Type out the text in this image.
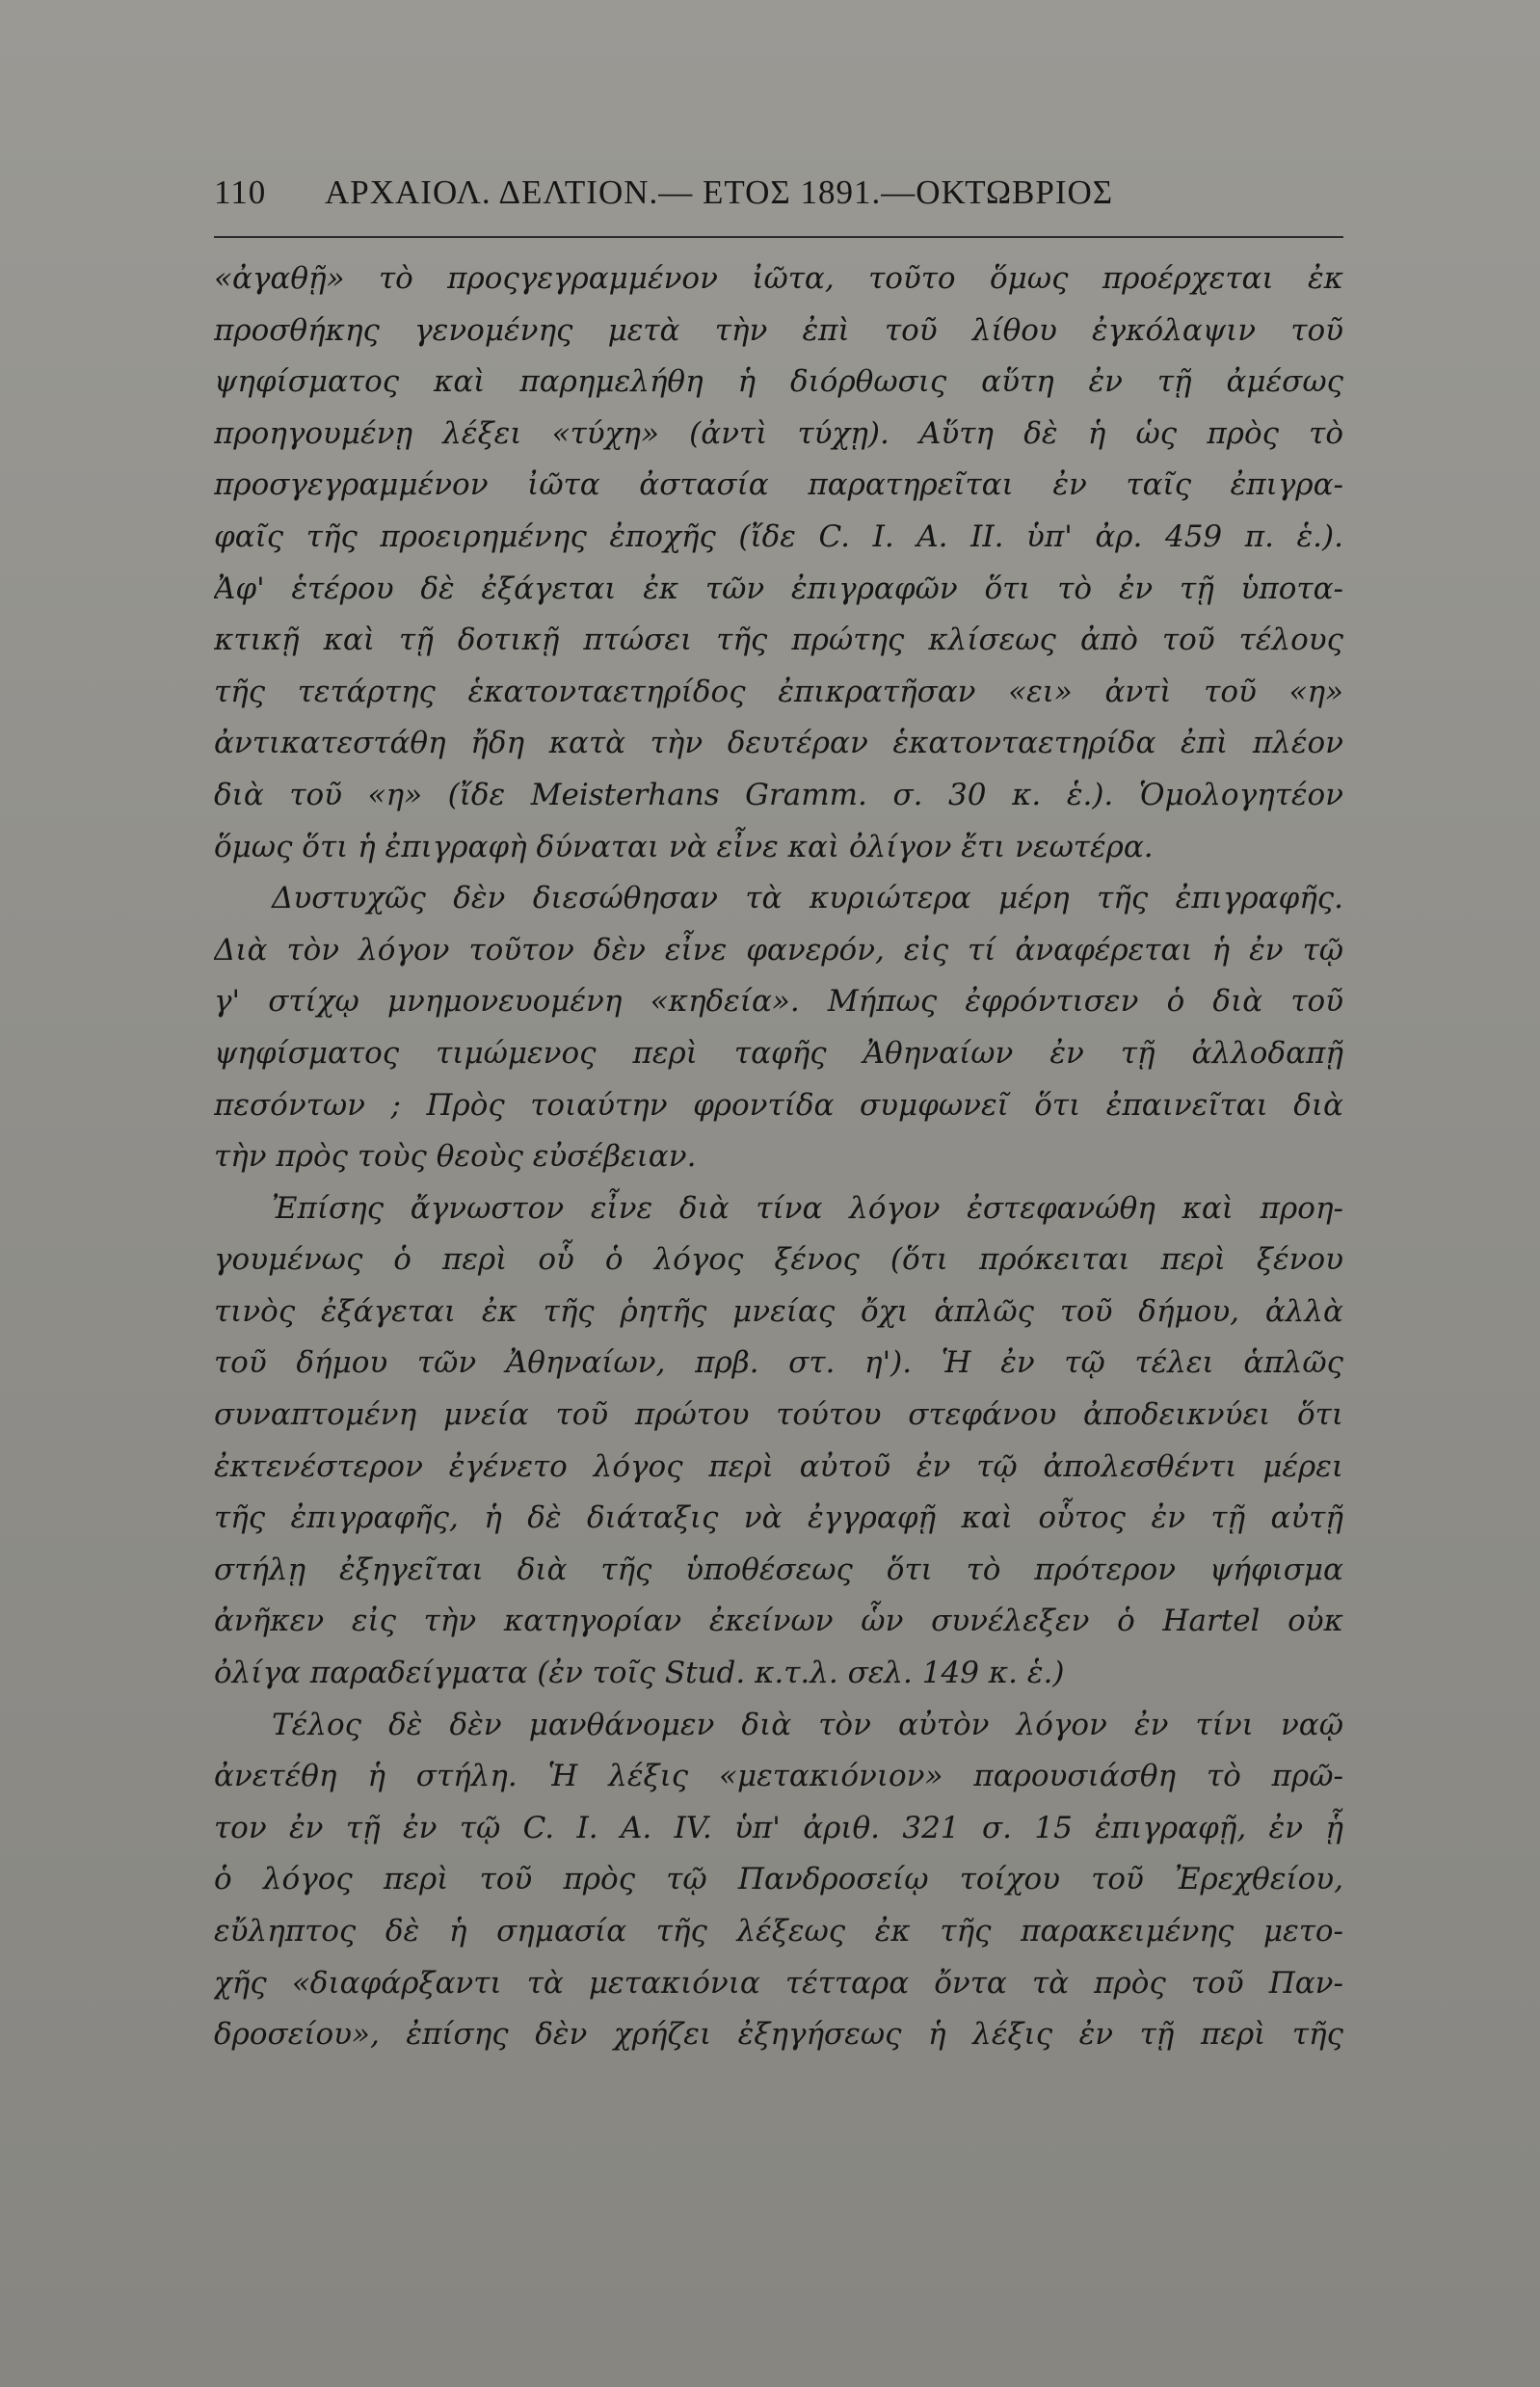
110 ΑΡΧΑΙΟΛ. ΔΕΛΤΙΟΝ.— ΕΤΟΣ 1891.—ΟΚΤΩΒΡΙΟΣ
«ἀγαθῇ» τὸ προςγεγραμμένον ἰῶτα, τοῦτο ὅμως προέρχεται ἐκ
προσθήκης γενομένης μετὰ τὴν ἐπὶ τοῦ λίθου ἐγκόλαψιν τοῦ
ψηφίσματος καὶ παρημελήθη ἡ διόρθωσις αὕτη ἐν τῇ ἀμέσως
προηγουμένῃ λέξει «τύχη» (ἀντὶ τύχῃ). Αὕτη δὲ ἡ ὡς πρὸς τὸ
προσγεγραμμένον ἰῶτα ἀστασία παρατηρεῖται ἐν ταῖς ἐπιγρα-
φαῖς τῆς προειρημένης ἐποχῆς (ἴδε C. I. A. II. ὑπ' ἀρ. 459 π. ἑ.).
Ἀφ' ἑτέρου δὲ ἐξάγεται ἐκ τῶν ἐπιγραφῶν ὅτι τὸ ἐν τῇ ὑποτα-
κτικῇ καὶ τῇ δοτικῇ πτώσει τῆς πρώτης κλίσεως ἀπὸ τοῦ τέλους
τῆς τετάρτης ἑκατονταετηρίδος ἐπικρατῆσαν «ει» ἀντὶ τοῦ «η»
ἀντικατεστάθη ἤδη κατὰ τὴν δευτέραν ἑκατονταετηρίδα ἐπὶ πλέον
διὰ τοῦ «η» (ἴδε Meisterhans Gramm. σ. 30 κ. ἑ.). Ὁμολογητέον
ὅμως ὅτι ἡ ἐπιγραφὴ δύναται νὰ εἶνε καὶ ὀλίγον ἔτι νεωτέρα.
Δυστυχῶς δὲν διεσώθησαν τὰ κυριώτερα μέρη τῆς ἐπιγραφῆς.
Διὰ τὸν λόγον τοῦτον δὲν εἶνε φανερόν, εἰς τί ἀναφέρεται ἡ ἐν τῷ
γ' στίχῳ μνημονευομένη «κηδεία». Μήπως ἐφρόντισεν ὁ διὰ τοῦ
ψηφίσματος τιμώμενος περὶ ταφῆς Ἀθηναίων ἐν τῇ ἀλλοδαπῇ
πεσόντων ; Πρὸς τοιαύτην φροντίδα συμφωνεῖ ὅτι ἐπαινεῖται διὰ
τὴν πρὸς τοὺς θεοὺς εὐσέβειαν.
Ἐπίσης ἄγνωστον εἶνε διὰ τίνα λόγον ἐστεφανώθη καὶ προη-
γουμένως ὁ περὶ οὗ ὁ λόγος ξένος (ὅτι πρόκειται περὶ ξένου
τινὸς ἐξάγεται ἐκ τῆς ῥητῆς μνείας ὄχι ἁπλῶς τοῦ δήμου, ἀλλὰ
τοῦ δήμου τῶν Ἀθηναίων, πρβ. στ. η'). Ἡ ἐν τῷ τέλει ἁπλῶς
συναπτομένη μνεία τοῦ πρώτου τούτου στεφάνου ἀποδεικνύει ὅτι
ἐκτενέστερον ἐγένετο λόγος περὶ αὐτοῦ ἐν τῷ ἀπολεσθέντι μέρει
τῆς ἐπιγραφῆς, ἡ δὲ διάταξις νὰ ἐγγραφῇ καὶ οὗτος ἐν τῇ αὐτῇ
στήλῃ ἐξηγεῖται διὰ τῆς ὑποθέσεως ὅτι τὸ πρότερον ψήφισμα
ἀνῆκεν εἰς τὴν κατηγορίαν ἐκείνων ὧν συνέλεξεν ὁ Hartel οὐκ
ὀλίγα παραδείγματα (ἐν τοῖς Stud. κ.τ.λ. σελ. 149 κ. ἑ.)
Τέλος δὲ δὲν μανθάνομεν διὰ τὸν αὐτὸν λόγον ἐν τίνι ναῷ
ἀνετέθη ἡ στήλη. Ἡ λέξις «μετακιόνιον» παρουσιάσθη τὸ πρῶ-
τον ἐν τῇ ἐν τῷ C. I. A. IV. ὑπ' ἀριθ. 321 σ. 15 ἐπιγραφῇ, ἐν ᾗ
ὁ λόγος περὶ τοῦ πρὸς τῷ Πανδροσείῳ τοίχου τοῦ Ἐρεχθείου,
εὔληπτος δὲ ἡ σημασία τῆς λέξεως ἐκ τῆς παρακειμένης μετο-
χῆς «διαφάρξαντι τὰ μετακιόνια τέτταρα ὄντα τὰ πρὸς τοῦ Παν-
δροσείου», ἐπίσης δὲν χρήζει ἐξηγήσεως ἡ λέξις ἐν τῇ περὶ τῆς
